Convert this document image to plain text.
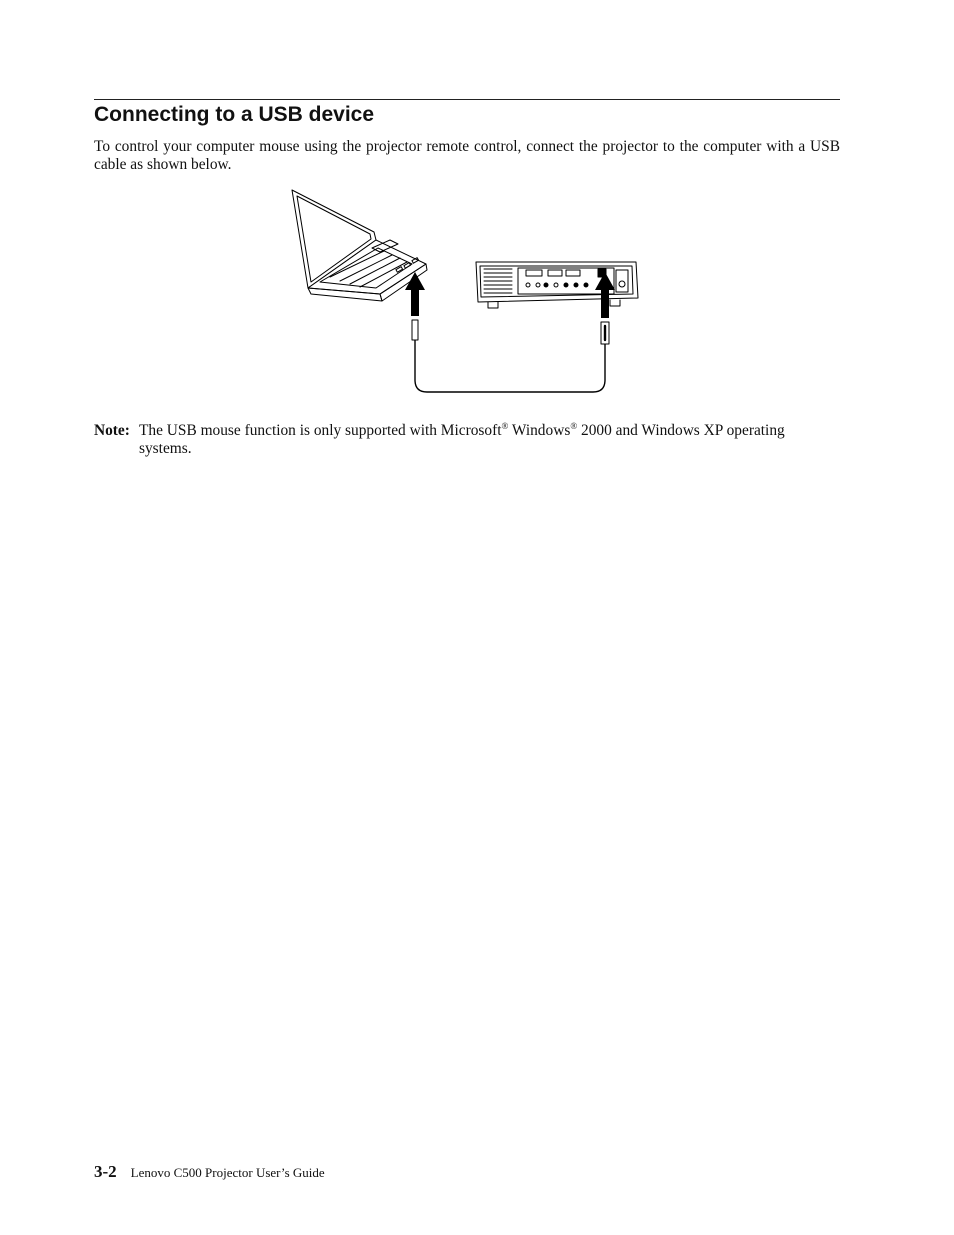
Connecting to a USB device

To control your computer mouse using the projector remote control, connect the projector to the computer with a USB cable as shown below.

Note: The USB mouse function is only supported with Microsoft® Windows® 2000 and Windows XP operating systems.
3-2 Lenovo C500 Projector User’s Guide
